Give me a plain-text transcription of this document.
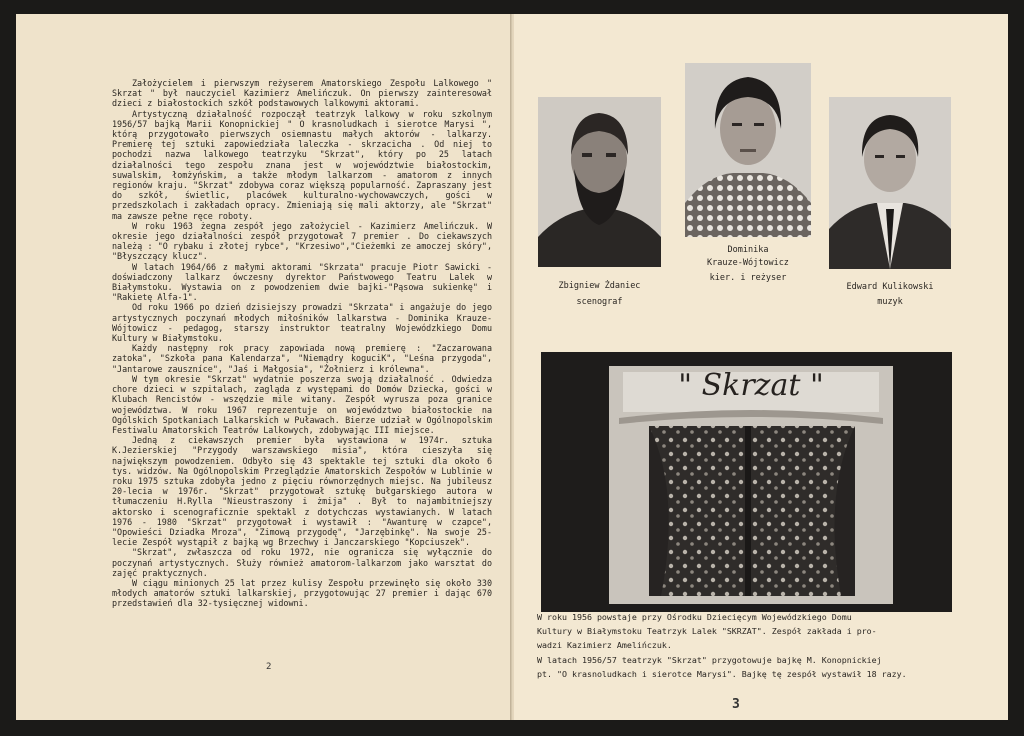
Założycielem i pierwszym reżyserem Amatorskiego Zespołu Lalkowego " Skrzat " był nauczyciel Kazimierz Amelińczuk. On pierwszy zainteresował dzieci z białostockich szkół podstawowych lalkowymi aktorami.

Artystyczną działalność rozpoczął teatrzyk lalkowy w roku szkolnym 1956/57 bajką Marii Konopnickiej " O krasnoludkach i sierotce Marysi ", którą przygotowało pierwszych osiemnastu małych aktorów - lalkarzy. Premierę tej sztuki zapowiedziała laleczka - skrzacicha . Od niej to pochodzi nazwa lalkowego teatrzyku "Skrzat", który po 25 latach działalności tego zespołu znana jest w województwie białostockim, suwalskim, łomżyńskim, a także młodym lalkarzom - amatorom z innych regionów kraju. "Skrzat" zdobywa coraz większą popularność. Zapraszany jest do szkół, świetlic, placówek kulturalno-wychowawczych, gości w przedszkolach i zakładach opracy. Zmieniają się mali aktorzy, ale "Skrzat" ma zawsze pełne ręce roboty.

W roku 1963 żegna zespół jego założyciel - Kazimierz Amelińczuk. W okresie jego działalności zespół przygotował 7 premier . Do ciekawszych należą : "O rybaku i złotej rybce", "Krzesiwo","Cieżemki ze amoczej skóry", "Błyszczący klucz".

W latach 1964/66 z małymi aktorami "Skrzata" pracuje Piotr Sawicki - doświadczony lalkarz ówczesny dyrektor Państwowego Teatru Lalek w Białymstoku. Wystawia on z powodzeniem dwie bajki-"Pąsowa sukienkę" i "Rakietę Alfa-1".

Od roku 1966 po dzień dzisiejszy prowadzi "Skrzata" i angażuje do jego artystycznych poczynań młodych miłośników lalkarstwa - Dominika Krauze-Wójtowicz - pedagog, starszy instruktor teatralny Wojewódzkiego Domu Kultury w Białymstoku.

Każdy następny rok pracy zapowiada nową premierę : "Zaczarowana zatoka", "Szkoła pana Kalendarza", "Niemądry koguciK", "Leśna przygoda", "Jantarowe zauszníce", "Jaś i Małgosia", "Żołnierz i królewna".

W tym okresie "Skrzat" wydatnie poszerza swoją działalność . Odwiedza chore dzieci w szpitalach, zagląda z występami do Domów Dziecka, gości w Klubach Rencistów - wszędzie mile witany. Zespół wyrusza poza granice województwa. W roku 1967 reprezentuje on województwo białostockie na Ogólskich Spotkaniach Lalkarskich w Puławach. Bierze udział w Ogólnopolskim Festiwalu Amatorskich Teatrów Lalkowych, zdobywając III miejsce.

Jedną z ciekawszych premier była wystawiona w 1974r. sztuka K.Jezierskiej "Przygody warszawskiego misia", która cieszyła się największym powodzeniem. Odbyło się 43 spektakle tej sztuki dla około 6 tys. widzów. Na Ogólnopolskim Przeglądzie Amatorskich Zespołów w Lublinie w roku 1975 sztuka zdobyła jedno z pięciu równorzędnych miejsc. Na jubileusz 20-lecia w 1976r. "Skrzat" przygotował sztukę bułgarskiego autora w tłumaczeniu H.Rylla "Nieustraszony i żmija" . Był to najambitniejszy aktorsko i scenograficznie spektakl z dotychczas wystawianych. W latach 1976 - 1980 "Skrzat" przygotował i wystawił : "Awanturę w czapce", "Opowieści Dziadka Mroza", "Zimową przygodę", "Jarzębinkę". Na swoje 25-lecie Zespół wystąpił z bajką wg Brzechwy i Janczarskiego "Kopciuszek".

"Skrzat", zwłaszcza od roku 1972, nie ogranicza się wyłącznie do poczynań artystycznych. Służy również amatorom-lalkarzom jako warsztat do zajęć praktycznych.

W ciągu minionych 25 lat przez kulisy Zespołu przewinęło się około 330 młodych amatorów sztuki lalkarskiej, przygotowując 27 premier i dając 670 przedstawień dla 32-tysięcznej widowni.

2
Zbigniew Żdaniec
scenograf
Dominika
Krauze-Wójtowicz
kier. i reżyser
Edward Kulikowski
muzyk
" Skrzat "
W roku 1956 powstaje przy Ośrodku Dziecięcym Wojewódzkiego Domu
Kultury w Białymstoku Teatrzyk Lalek "SKRZAT". Zespół zakłada i pro-
wadzi Kazimierz Amelińczuk.
W latach 1956/57 teatrzyk "Skrzat" przygotowuje bajkę M. Konopnickiej
pt. "O krasnoludkach i sierotce Marysi". Bajkę tę zespół wystawił 18 razy.
3
